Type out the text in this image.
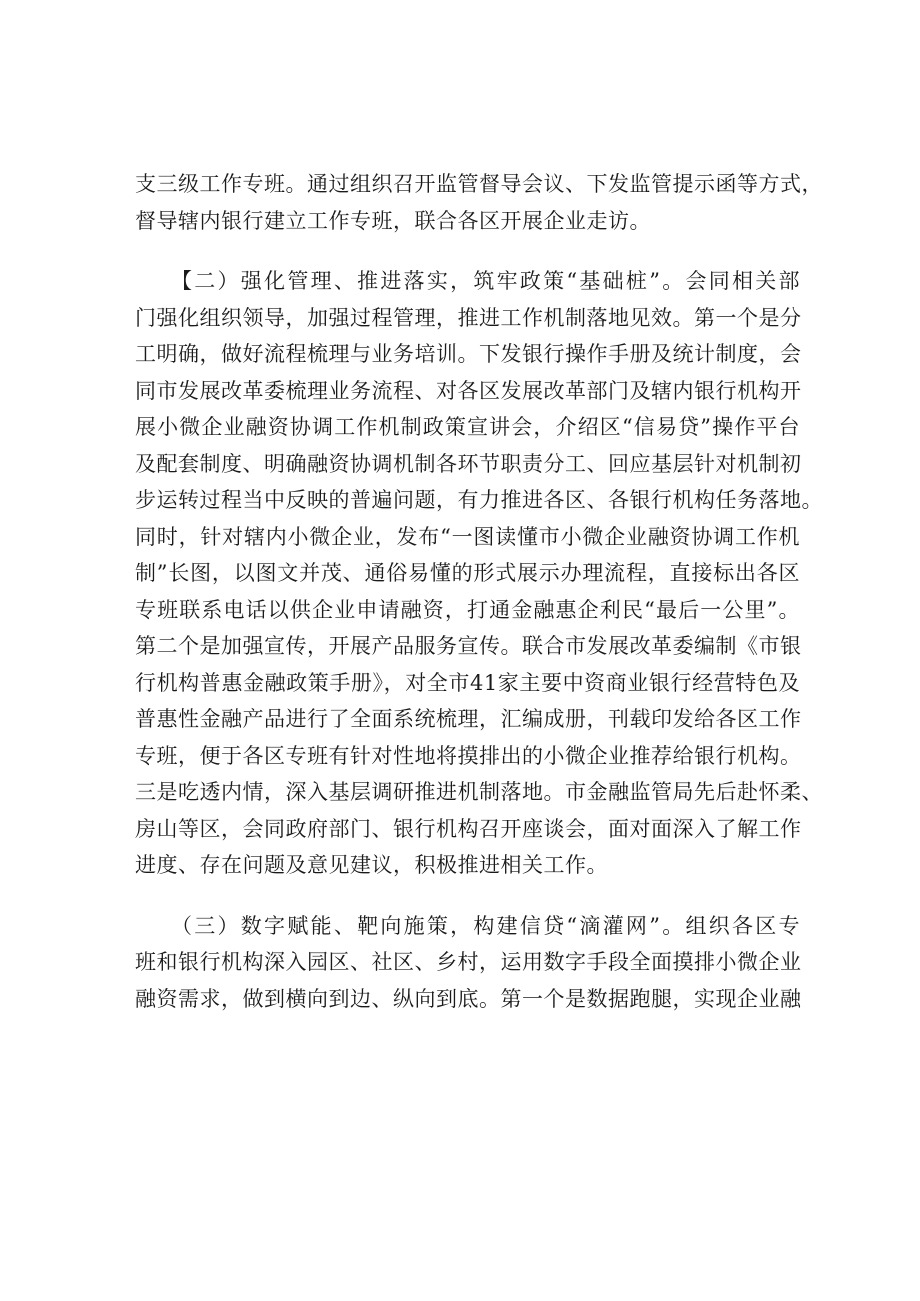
支三级工作专班。通过组织召开监管督导会议、下发监管提示函等方式，
督导辖内银行建立工作专班，联合各区开展企业走访。
　　【二）强化管理、推进落实，筑牢政策“基础桩”。会同相关部
门强化组织领导，加强过程管理，推进工作机制落地见效。第一个是分
工明确，做好流程梳理与业务培训。下发银行操作手册及统计制度，会
同市发展改革委梳理业务流程、对各区发展改革部门及辖内银行机构开
展小微企业融资协调工作机制政策宣讲会，介绍区“信易贷”操作平台
及配套制度、明确融资协调机制各环节职责分工、回应基层针对机制初
步运转过程当中反映的普遍问题，有力推进各区、各银行机构任务落地。
同时，针对辖内小微企业，发布“一图读懂市小微企业融资协调工作机
制”长图，以图文并茂、通俗易懂的形式展示办理流程，直接标出各区
专班联系电话以供企业申请融资，打通金融惠企利民“最后一公里”。
第二个是加强宣传，开展产品服务宣传。联合市发展改革委编制《市银
行机构普惠金融政策手册》，对全市41家主要中资商业银行经营特色及
普惠性金融产品进行了全面系统梳理，汇编成册，刊载印发给各区工作
专班，便于各区专班有针对性地将摸排出的小微企业推荐给银行机构。
三是吃透内情，深入基层调研推进机制落地。市金融监管局先后赴怀柔、
房山等区，会同政府部门、银行机构召开座谈会，面对面深入了解工作
进度、存在问题及意见建议，积极推进相关工作。
　　（三）数字赋能、靶向施策，构建信贷“滴灌网”。组织各区专
班和银行机构深入园区、社区、乡村，运用数字手段全面摸排小微企业
融资需求，做到横向到边、纵向到底。第一个是数据跑腿，实现企业融
